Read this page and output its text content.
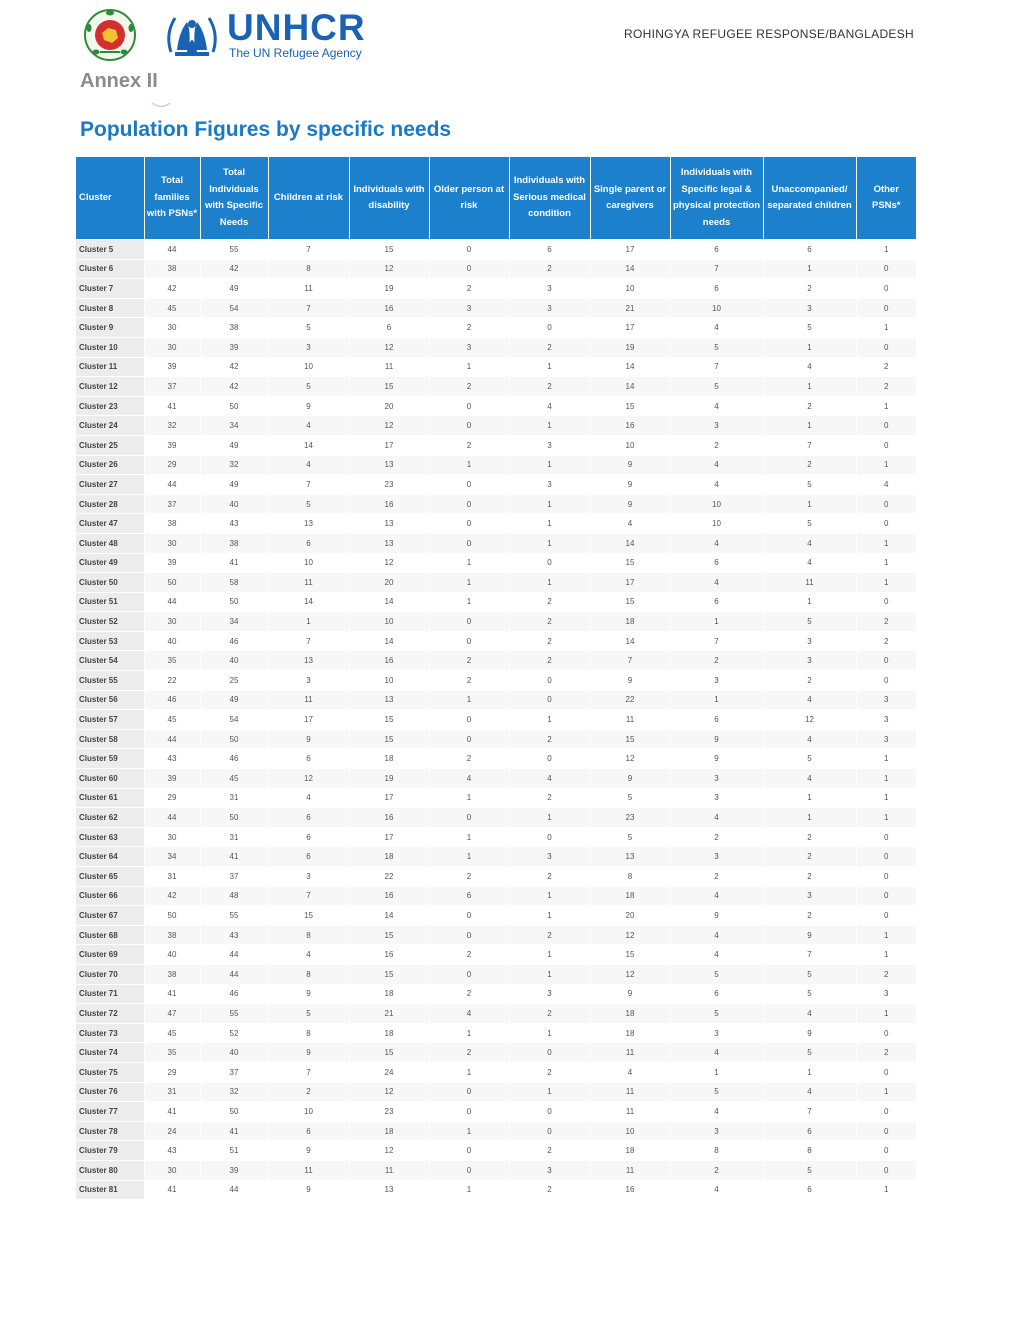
UNHCR
The UN Refugee Agency
ROHINGYA REFUGEE RESPONSE/BANGLADESH
Annex II
Population Figures by specific needs
Cluster	Total families with PSNs*	Total Individuals with Specific Needs	Children at risk	Individuals with disability	Older person at risk	Individuals with Serious medical condition	Single parent or caregivers	Individuals with Specific legal & physical protection needs	Unaccompanied/ separated children	Other PSNs*
Cluster 5	44	55	7	15	0	6	17	6	6	1
Cluster 6	38	42	8	12	0	2	14	7	1	0
Cluster 7	42	49	11	19	2	3	10	6	2	0
Cluster 8	45	54	7	16	3	3	21	10	3	0
Cluster 9	30	38	5	6	2	0	17	4	5	1
Cluster 10	30	39	3	12	3	2	19	5	1	0
Cluster 11	39	42	10	11	1	1	14	7	4	2
Cluster 12	37	42	5	15	2	2	14	5	1	2
Cluster 23	41	50	9	20	0	4	15	4	2	1
Cluster 24	32	34	4	12	0	1	16	3	1	0
Cluster 25	39	49	14	17	2	3	10	2	7	0
Cluster 26	29	32	4	13	1	1	9	4	2	1
Cluster 27	44	49	7	23	0	3	9	4	5	4
Cluster 28	37	40	5	16	0	1	9	10	1	0
Cluster 47	38	43	13	13	0	1	4	10	5	0
Cluster 48	30	38	6	13	0	1	14	4	4	1
Cluster 49	39	41	10	12	1	0	15	6	4	1
Cluster 50	50	58	11	20	1	1	17	4	11	1
Cluster 51	44	50	14	14	1	2	15	6	1	0
Cluster 52	30	34	1	10	0	2	18	1	5	2
Cluster 53	40	46	7	14	0	2	14	7	3	2
Cluster 54	35	40	13	16	2	2	7	2	3	0
Cluster 55	22	25	3	10	2	0	9	3	2	0
Cluster 56	46	49	11	13	1	0	22	1	4	3
Cluster 57	45	54	17	15	0	1	11	6	12	3
Cluster 58	44	50	9	15	0	2	15	9	4	3
Cluster 59	43	46	6	18	2	0	12	9	5	1
Cluster 60	39	45	12	19	4	4	9	3	4	1
Cluster 61	29	31	4	17	1	2	5	3	1	1
Cluster 62	44	50	6	16	0	1	23	4	1	1
Cluster 63	30	31	6	17	1	0	5	2	2	0
Cluster 64	34	41	6	18	1	3	13	3	2	0
Cluster 65	31	37	3	22	2	2	8	2	2	0
Cluster 66	42	48	7	16	6	1	18	4	3	0
Cluster 67	50	55	15	14	0	1	20	9	2	0
Cluster 68	38	43	8	15	0	2	12	4	9	1
Cluster 69	40	44	4	16	2	1	15	4	7	1
Cluster 70	38	44	8	15	0	1	12	5	5	2
Cluster 71	41	46	9	18	2	3	9	6	5	3
Cluster 72	47	55	5	21	4	2	18	5	4	1
Cluster 73	45	52	8	18	1	1	18	3	9	0
Cluster 74	35	40	9	15	2	0	11	4	5	2
Cluster 75	29	37	7	24	1	2	4	1	1	0
Cluster 76	31	32	2	12	0	1	11	5	4	1
Cluster 77	41	50	10	23	0	0	11	4	7	0
Cluster 78	24	41	6	18	1	0	10	3	6	0
Cluster 79	43	51	9	12	0	2	18	8	8	0
Cluster 80	30	39	11	11	0	3	11	2	5	0
Cluster 81	41	44	9	13	1	2	16	4	6	1
